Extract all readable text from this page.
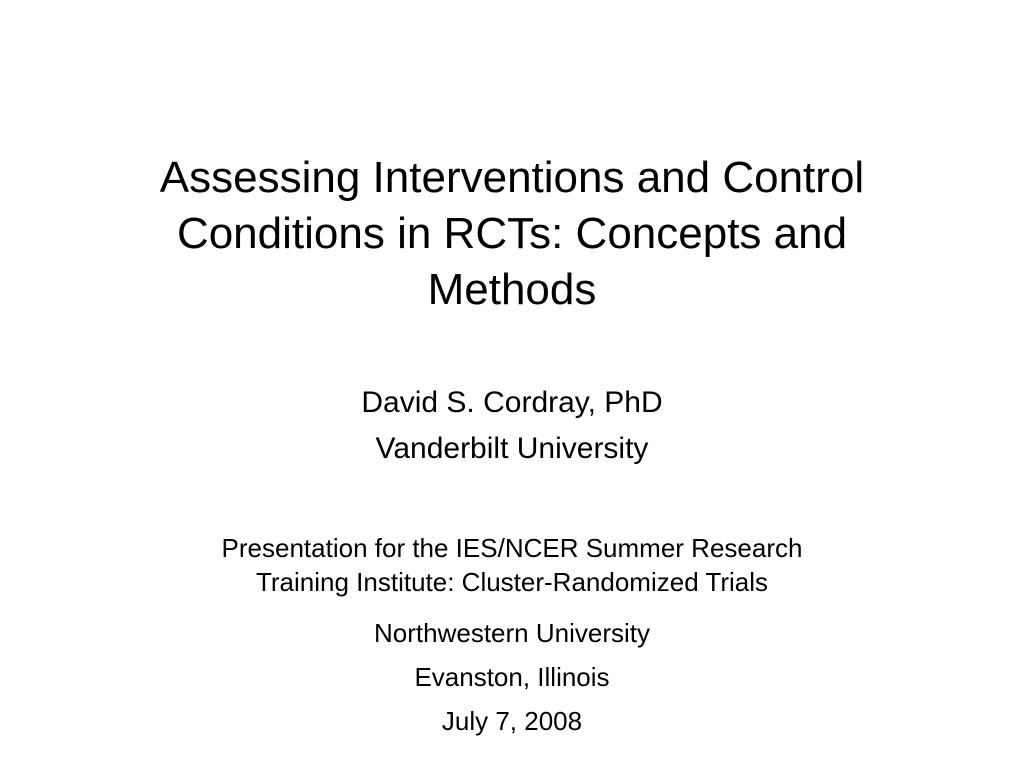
Assessing Interventions and Control
Conditions in RCTs: Concepts and
Methods
David S. Cordray, PhD
Vanderbilt University
Presentation for the IES/NCER Summer Research
Training Institute: Cluster-Randomized Trials
Northwestern University
Evanston, Illinois
July 7, 2008
